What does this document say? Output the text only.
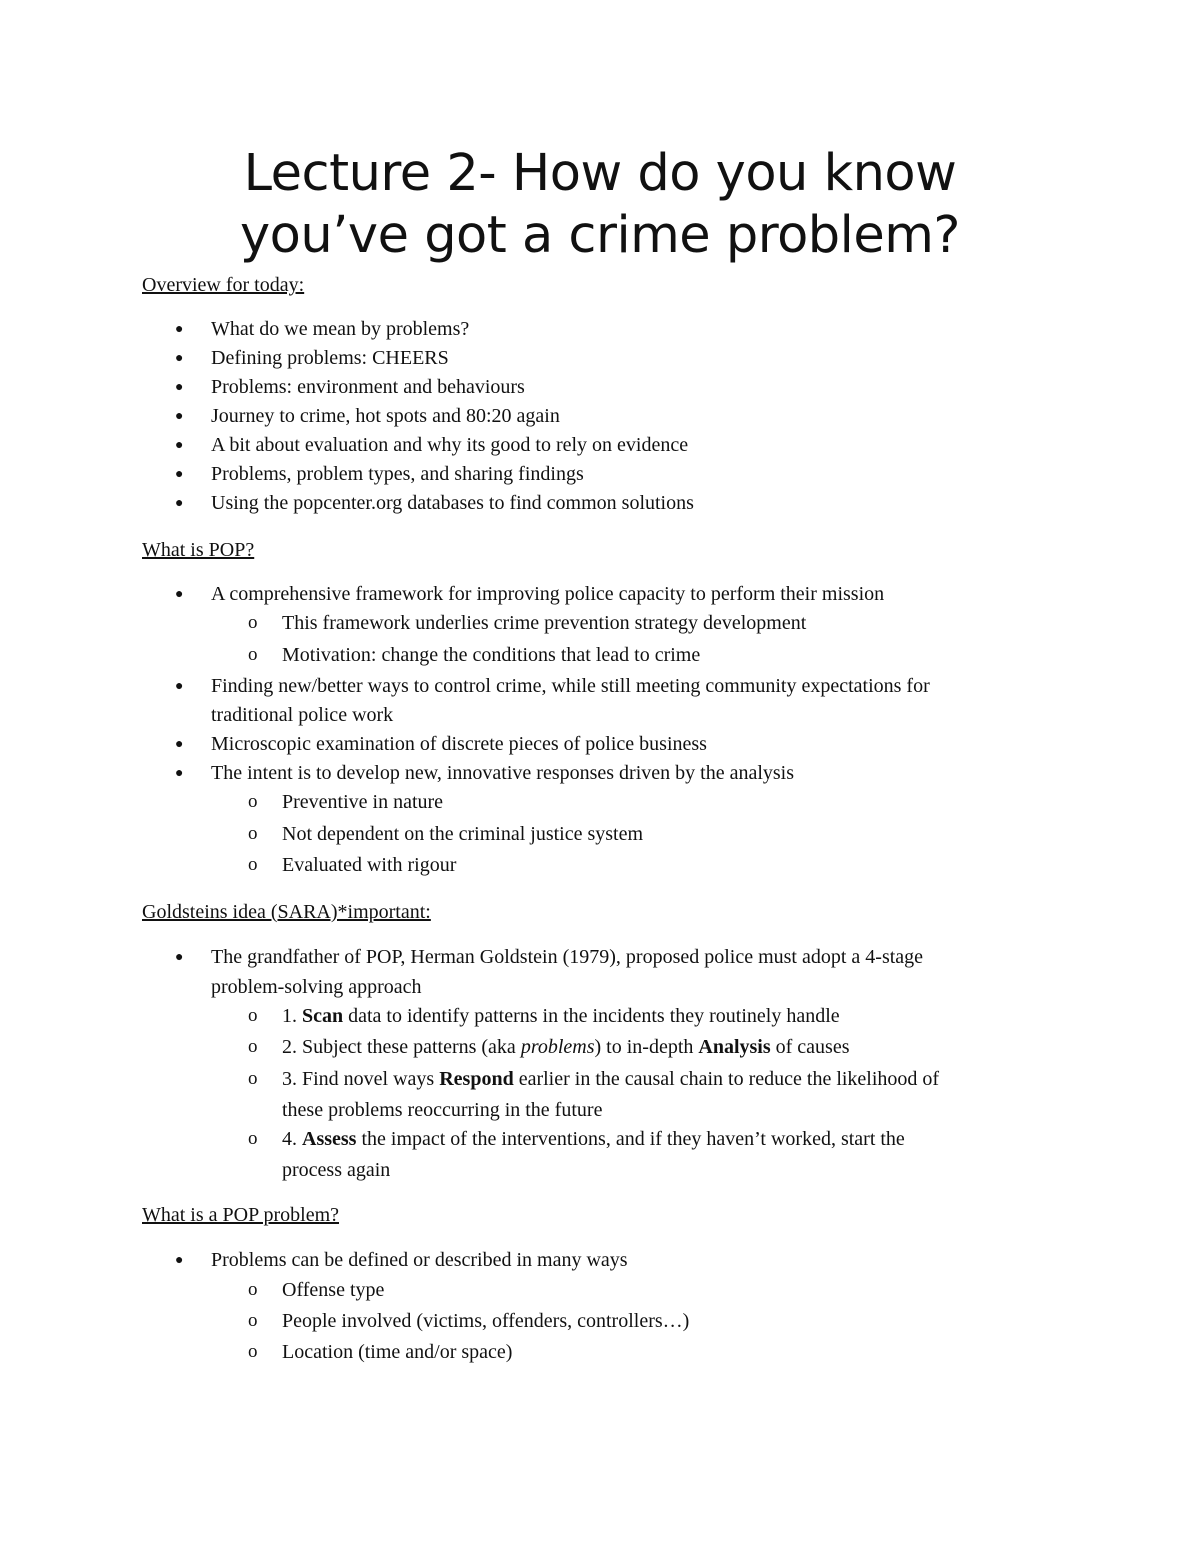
Lecture 2- How do you know
you’ve got a crime problem?
Overview for today:
● What do we mean by problems?
● Defining problems: CHEERS
● Problems: environment and behaviours
● Journey to crime, hot spots and 80:20 again
● A bit about evaluation and why its good to rely on evidence
● Problems, problem types, and sharing findings
● Using the popcenter.org databases to find common solutions
What is POP?
● A comprehensive framework for improving police capacity to perform their mission
o This framework underlies crime prevention strategy development
o Motivation: change the conditions that lead to crime
● Finding new/better ways to control crime, while still meeting community expectations for
traditional police work
● Microscopic examination of discrete pieces of police business
● The intent is to develop new, innovative responses driven by the analysis
o Preventive in nature
o Not dependent on the criminal justice system
o Evaluated with rigour
Goldsteins idea (SARA)*important:
● The grandfather of POP, Herman Goldstein (1979), proposed police must adopt a 4-stage
problem-solving approach
o 1. Scan data to identify patterns in the incidents they routinely handle
o 2. Subject these patterns (aka problems) to in-depth Analysis of causes
o 3. Find novel ways Respond earlier in the causal chain to reduce the likelihood of
these problems reoccurring in the future
o 4. Assess the impact of the interventions, and if they haven’t worked, start the
process again
What is a POP problem?
● Problems can be defined or described in many ways
o Offense type
o People involved (victims, offenders, controllers…)
o Location (time and/or space)
